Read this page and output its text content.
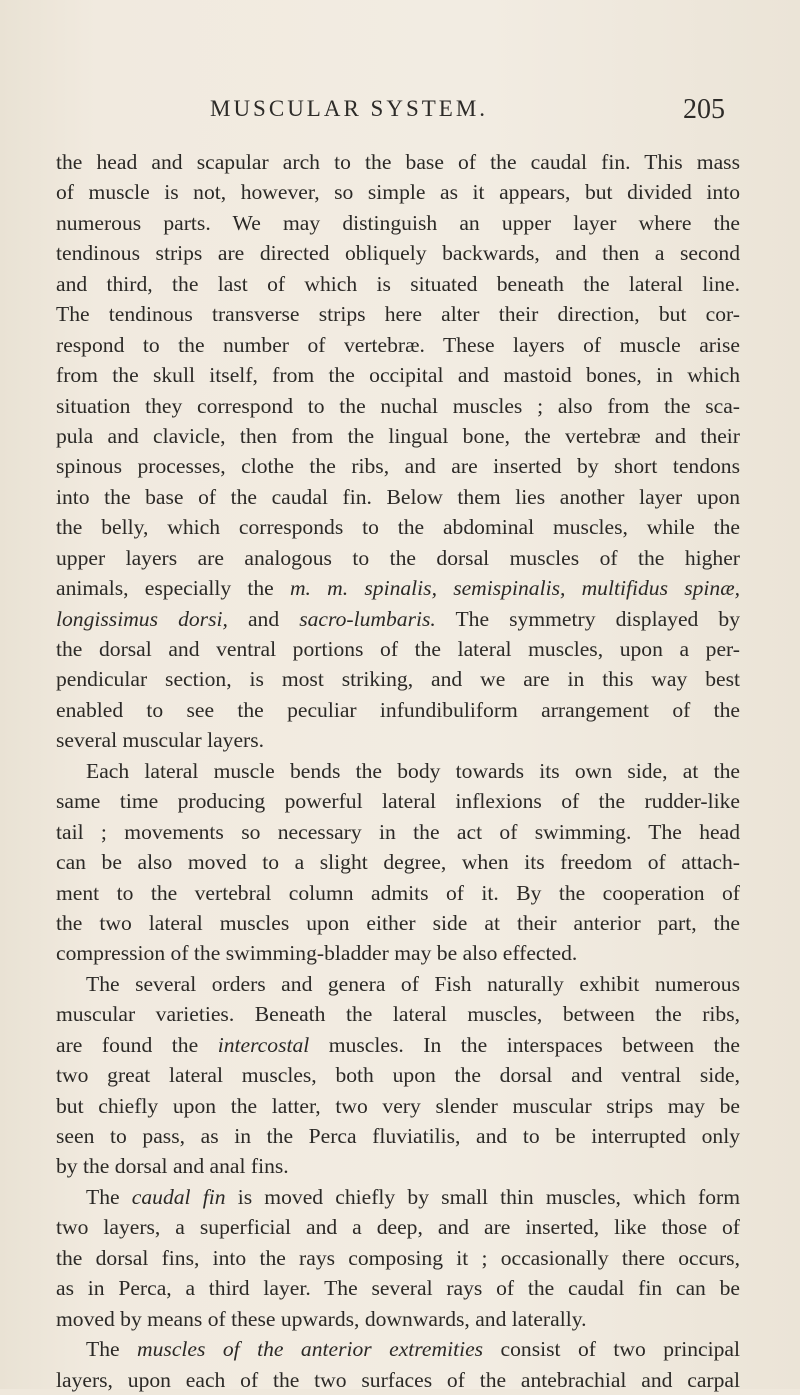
MUSCULAR SYSTEM.	205
the head and scapular arch to the base of the caudal fin. This mass
of muscle is not, however, so simple as it appears, but divided into
numerous parts. We may distinguish an upper layer where the
tendinous strips are directed obliquely backwards, and then a second
and third, the last of which is situated beneath the lateral line.
The tendinous transverse strips here alter their direction, but cor-
respond to the number of vertebræ. These layers of muscle arise
from the skull itself, from the occipital and mastoid bones, in which
situation they correspond to the nuchal muscles ; also from the sca-
pula and clavicle, then from the lingual bone, the vertebræ and their
spinous processes, clothe the ribs, and are inserted by short tendons
into the base of the caudal fin. Below them lies another layer upon
the belly, which corresponds to the abdominal muscles, while the
upper layers are analogous to the dorsal muscles of the higher
animals, especially the m. m. spinalis, semispinalis, multifidus spinæ,
longissimus dorsi, and sacro-lumbaris. The symmetry displayed by
the dorsal and ventral portions of the lateral muscles, upon a per-
pendicular section, is most striking, and we are in this way best
enabled to see the peculiar infundibuliform arrangement of the
several muscular layers.
Each lateral muscle bends the body towards its own side, at the
same time producing powerful lateral inflexions of the rudder-like
tail ; movements so necessary in the act of swimming. The head
can be also moved to a slight degree, when its freedom of attach-
ment to the vertebral column admits of it. By the cooperation of
the two lateral muscles upon either side at their anterior part, the
compression of the swimming-bladder may be also effected.
The several orders and genera of Fish naturally exhibit numerous
muscular varieties. Beneath the lateral muscles, between the ribs,
are found the intercostal muscles. In the interspaces between the
two great lateral muscles, both upon the dorsal and ventral side,
but chiefly upon the latter, two very slender muscular strips may be
seen to pass, as in the Perca fluviatilis, and to be interrupted only
by the dorsal and anal fins.
The caudal fin is moved chiefly by small thin muscles, which form
two layers, a superficial and a deep, and are inserted, like those of
the dorsal fins, into the rays composing it ; occasionally there occurs,
as in Perca, a third layer. The several rays of the caudal fin can be
moved by means of these upwards, downwards, and laterally.
The muscles of the anterior extremities consist of two principal
layers, upon each of the two surfaces of the antebrachial and carpal
